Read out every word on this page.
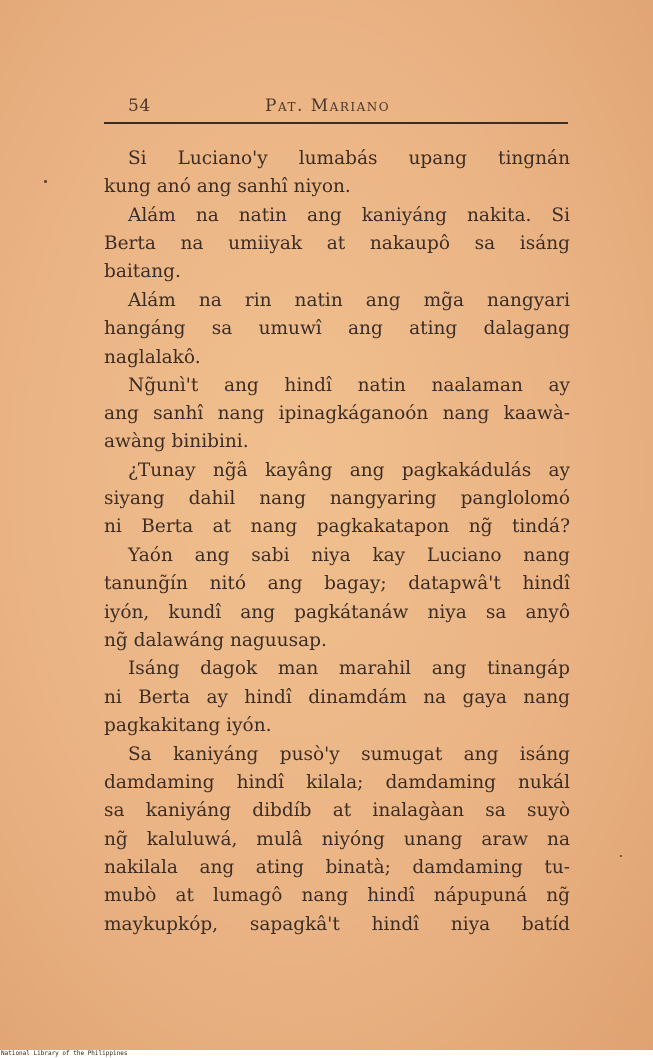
54	Pat. Mariano
Si Luciano'y lumabás upang tingnán
kung anó ang sanhî niyon.
Alám na natin ang kaniyáng nakita. Si
Berta na umiiyak at nakaupô sa isáng
baitang.
Alám na rin natin ang mg̃a nangyari
hangáng sa umuwî ang ating dalagang
naglalakô.
Ng̃unì't ang hindî natin naalaman ay
ang sanhî nang ipinagkáganoón nang kaawà-
awàng binibini.
¿Tunay ng̃â kayâng ang pagkakádulás ay
siyang dahil nang nangyaring panglolomó
ni Berta at nang pagkakatapon ng̃ tindá?
Yaón ang sabi niya kay Luciano nang
tanung̃ín nitó ang bagay; datapwâ't hindî
iyón, kundî ang pagkátanáw niya sa anyô
ng̃ dalawáng naguusap.
Isáng dagok man marahil ang tinangáp
ni Berta ay hindî dinamdám na gaya nang
pagkakitang iyón.
Sa kaniyáng pusò'y sumugat ang isáng
damdaming hindî kilala; damdaming nukál
sa kaniyáng dibdíb at inalagàan sa suyò
ng̃ kaluluwá, mulâ niyóng unang araw na
nakilala ang ating binatà; damdaming tu-
mubò at lumagô nang hindî nápupuná ng̃
maykupkóp, sapagkâ't hindî niya batíd
National Library of the Philippines
